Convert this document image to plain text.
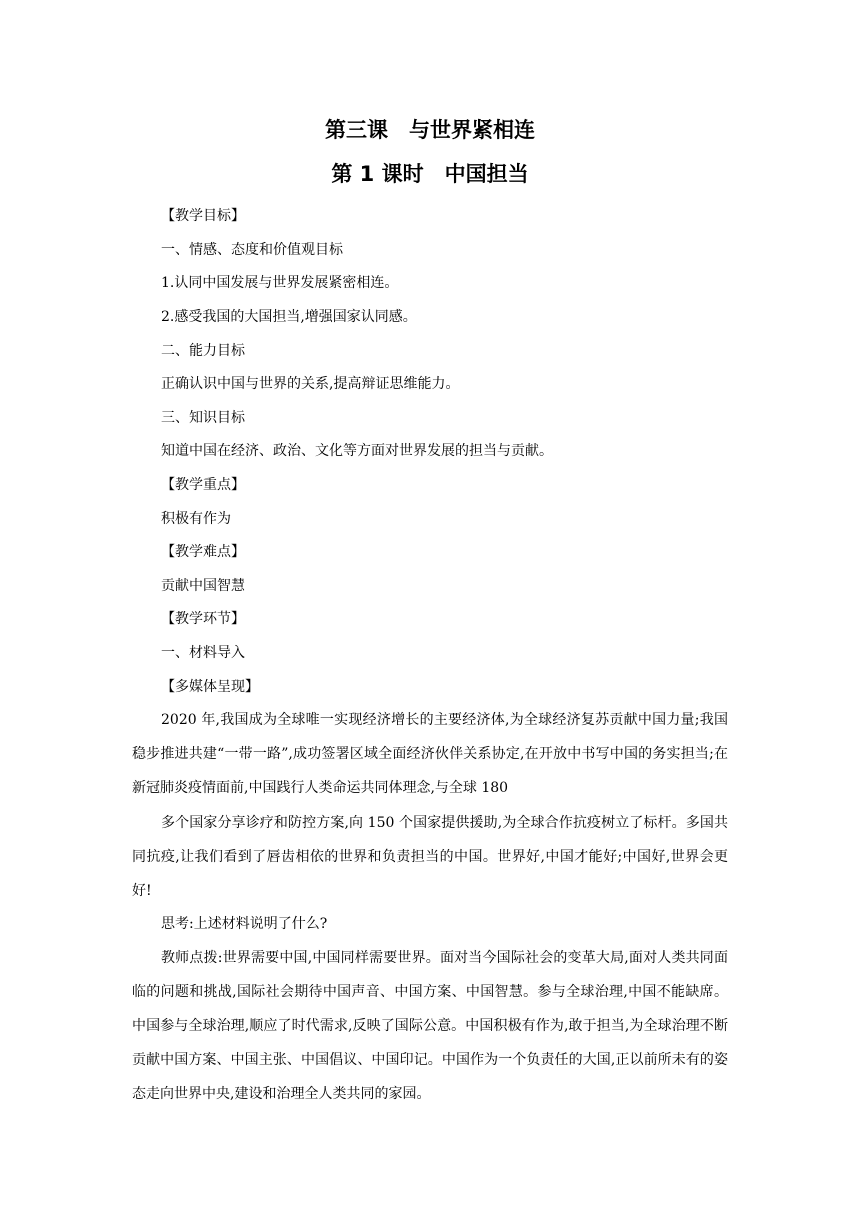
第三课　与世界紧相连
第 1 课时　中国担当
【教学目标】
一、情感、态度和价值观目标
1.认同中国发展与世界发展紧密相连。
2.感受我国的大国担当,增强国家认同感。
二、能力目标
正确认识中国与世界的关系,提高辩证思维能力。
三、知识目标
知道中国在经济、政治、文化等方面对世界发展的担当与贡献。
【教学重点】
积极有作为
【教学难点】
贡献中国智慧
【教学环节】
一、材料导入
【多媒体呈现】
2020 年,我国成为全球唯一实现经济增长的主要经济体,为全球经济复苏贡献中国力量;我国稳步推进共建“一带一路”,成功签署区域全面经济伙伴关系协定,在开放中书写中国的务实担当;在新冠肺炎疫情面前,中国践行人类命运共同体理念,与全球 180
多个国家分享诊疗和防控方案,向 150 个国家提供援助,为全球合作抗疫树立了标杆。多国共同抗疫,让我们看到了唇齿相依的世界和负责担当的中国。世界好,中国才能好;中国好,世界会更好!
思考:上述材料说明了什么?
教师点拨:世界需要中国,中国同样需要世界。面对当今国际社会的变革大局,面对人类共同面临的问题和挑战,国际社会期待中国声音、中国方案、中国智慧。参与全球治理,中国不能缺席。中国参与全球治理,顺应了时代需求,反映了国际公意。中国积极有作为,敢于担当,为全球治理不断贡献中国方案、中国主张、中国倡议、中国印记。中国作为一个负责任的大国,正以前所未有的姿态走向世界中央,建设和治理全人类共同的家园。
